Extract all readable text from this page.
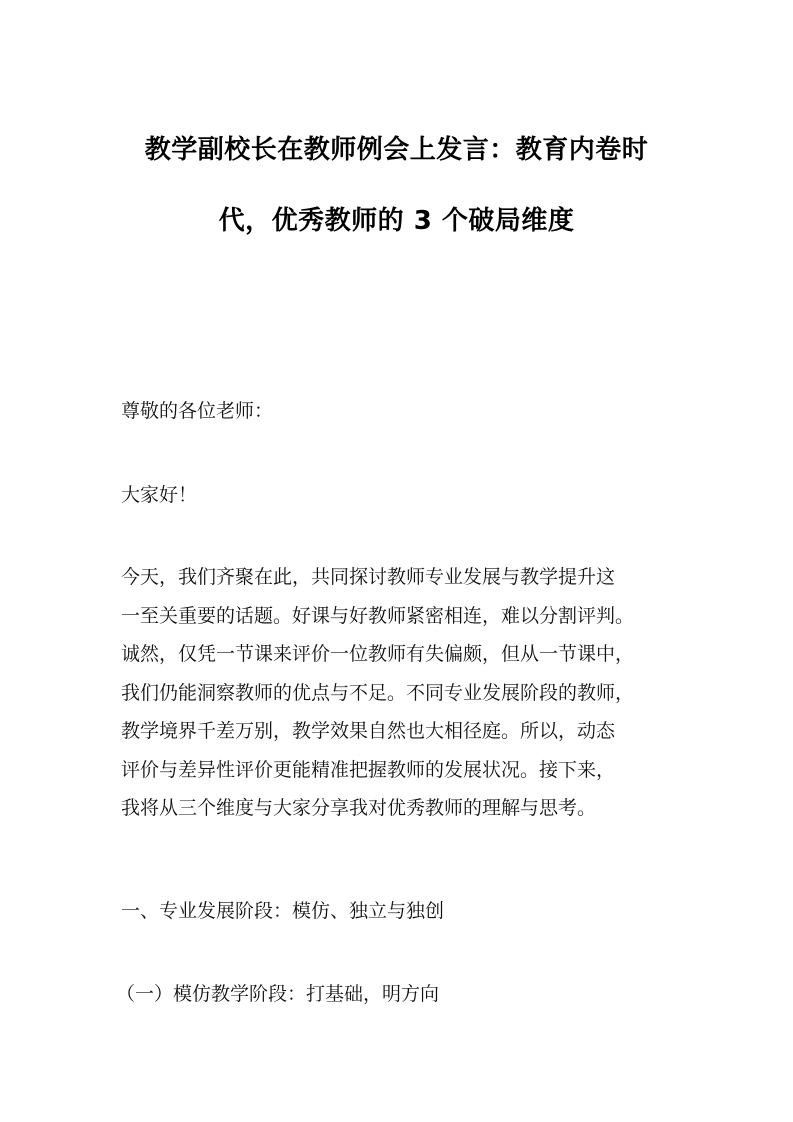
教学副校长在教师例会上发言：教育内卷时
代，优秀教师的 3 个破局维度
尊敬的各位老师：
大家好！
今天，我们齐聚在此，共同探讨教师专业发展与教学提升这
一至关重要的话题。好课与好教师紧密相连，难以分割评判。
诚然，仅凭一节课来评价一位教师有失偏颇，但从一节课中，
我们仍能洞察教师的优点与不足。不同专业发展阶段的教师，
教学境界千差万别，教学效果自然也大相径庭。所以，动态
评价与差异性评价更能精准把握教师的发展状况。接下来，
我将从三个维度与大家分享我对优秀教师的理解与思考。
一、专业发展阶段：模仿、独立与独创
（一）模仿教学阶段：打基础，明方向
